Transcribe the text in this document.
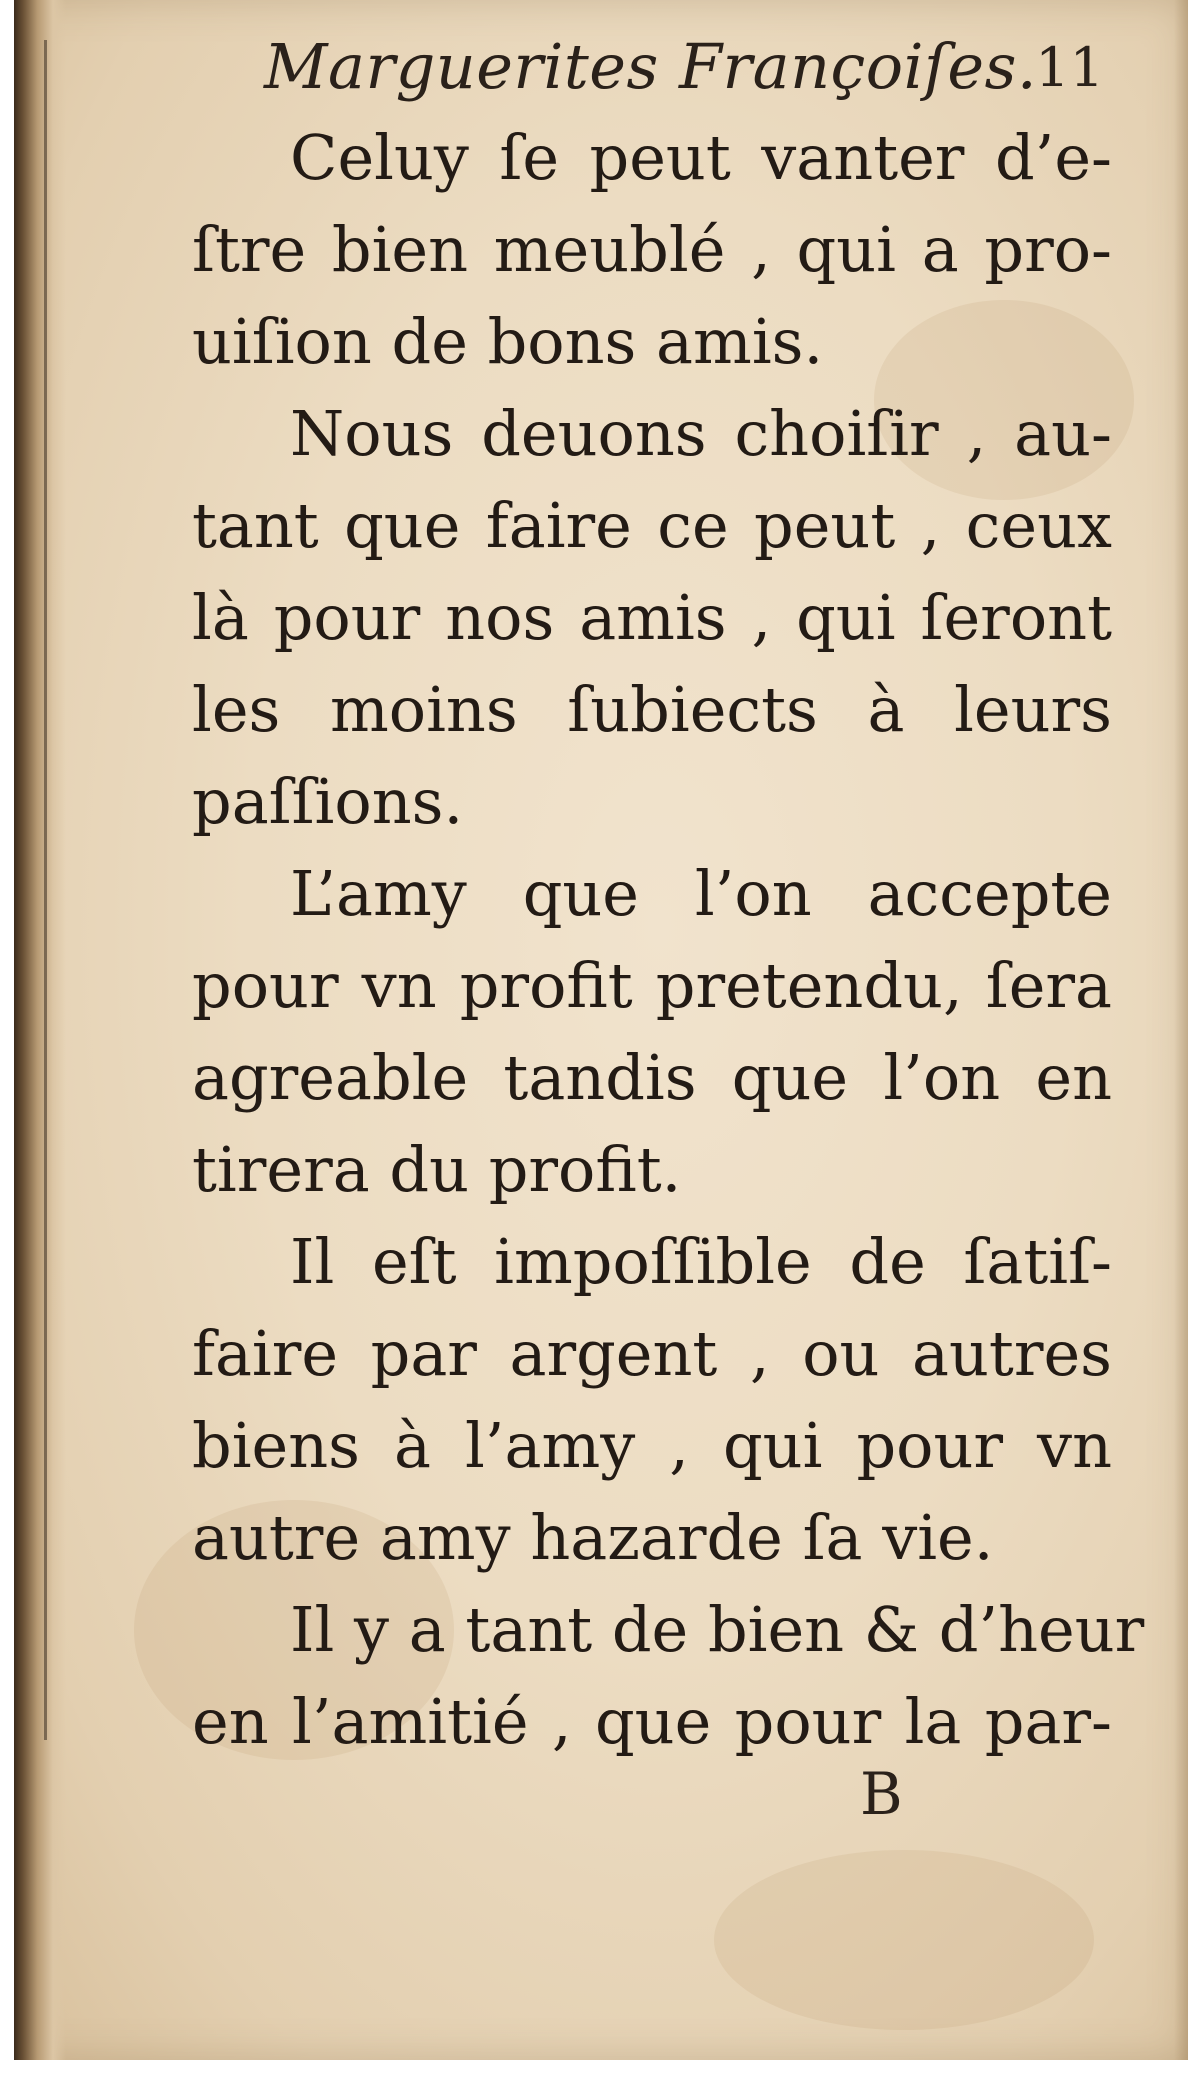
Marguerites Françoiſes.
11
Celuy ſe peut vanter d’e-
ſtre bien meublé , qui a pro-
uiſion de bons amis.
Nous deuons choiſir , au-
tant que faire ce peut , ceux
là pour nos amis , qui ſeront
les moins ſubiects à leurs
paſſions.
L’amy que l’on accepte
pour vn profit pretendu, ſera
agreable tandis que l’on en
tirera du profit.
Il eſt impoſſible de ſatiſ-
faire par argent , ou autres
biens à l’amy , qui pour vn
autre amy hazarde ſa vie.
Il y a tant de bien & d’heur
en l’amitié , que pour la par-
B
